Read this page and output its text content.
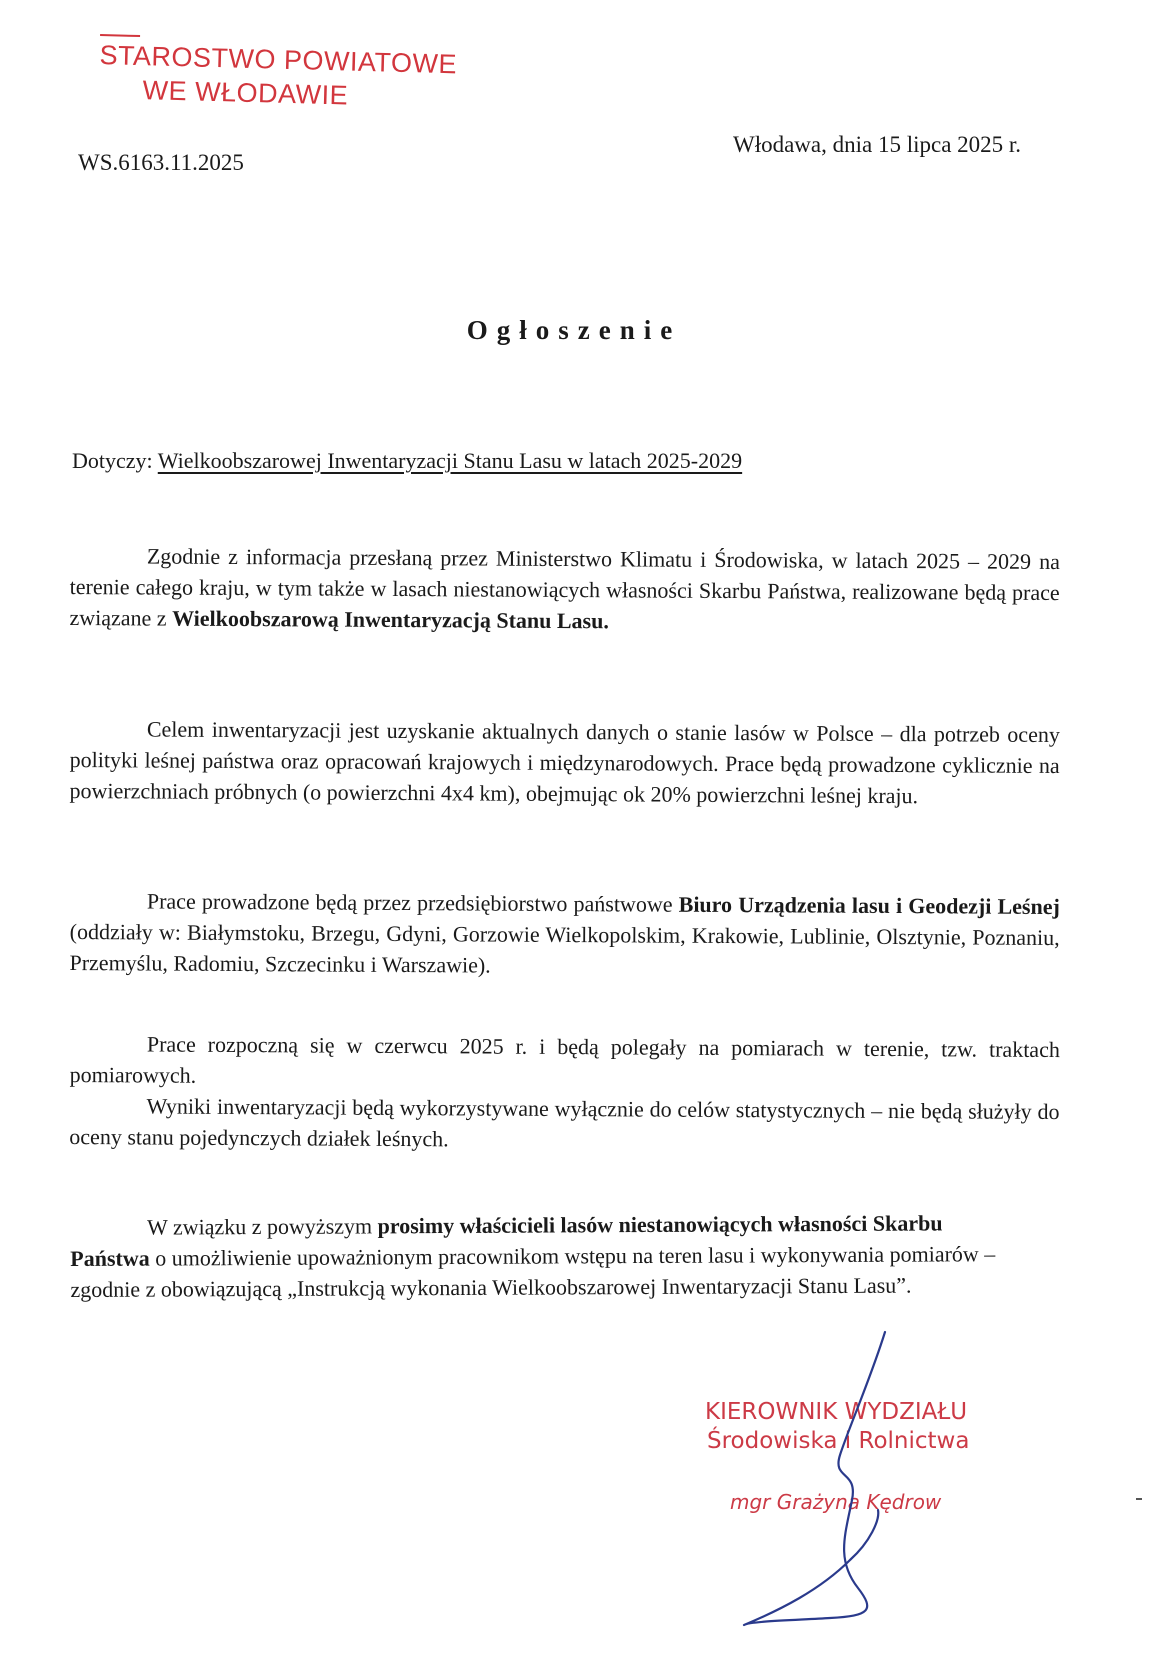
STAROSTWO POWIATOWE
WE WŁODAWIE
WS.6163.11.2025
Włodawa, dnia 15 lipca 2025 r.
Ogłoszenie
Dotyczy: Wielkoobszarowej Inwentaryzacji Stanu Lasu w latach 2025-2029

Zgodnie z informacja przesłaną przez Ministerstwo Klimatu i Środowiska, w latach 2025 – 2029 na terenie całego kraju, w tym także w lasach niestanowiących własności Skarbu Państwa, realizowane będą prace związane z Wielkoobszarową Inwentaryzacją Stanu Lasu.

Celem inwentaryzacji jest uzyskanie aktualnych danych o stanie lasów w Polsce – dla potrzeb oceny polityki leśnej państwa oraz opracowań krajowych i międzynarodowych. Prace będą prowadzone cyklicznie na powierzchniach próbnych (o powierzchni 4x4 km), obejmując ok 20% powierzchni leśnej kraju.

Prace prowadzone będą przez przedsiębiorstwo państwowe Biuro Urządzenia lasu i Geodezji Leśnej (oddziały w: Białymstoku, Brzegu, Gdyni, Gorzowie Wielkopolskim, Krakowie, Lublinie, Olsztynie, Poznaniu, Przemyślu, Radomiu, Szczecinku i Warszawie).

Prace rozpoczną się w czerwcu 2025 r. i będą polegały na pomiarach w terenie, tzw. traktach pomiarowych.
Wyniki inwentaryzacji będą wykorzystywane wyłącznie do celów statystycznych – nie będą służyły do oceny stanu pojedynczych działek leśnych.

W związku z powyższym prosimy właścicieli lasów niestanowiących własności Skarbu Państwa o umożliwienie upoważnionym pracownikom wstępu na teren lasu i wykonywania pomiarów – zgodnie z obowiązującą „Instrukcją wykonania Wielkoobszarowej Inwentaryzacji Stanu Lasu”.

KIEROWNIK WYDZIAŁU
Środowiska i Rolnictwa
mgr Grażyna Kędrow
